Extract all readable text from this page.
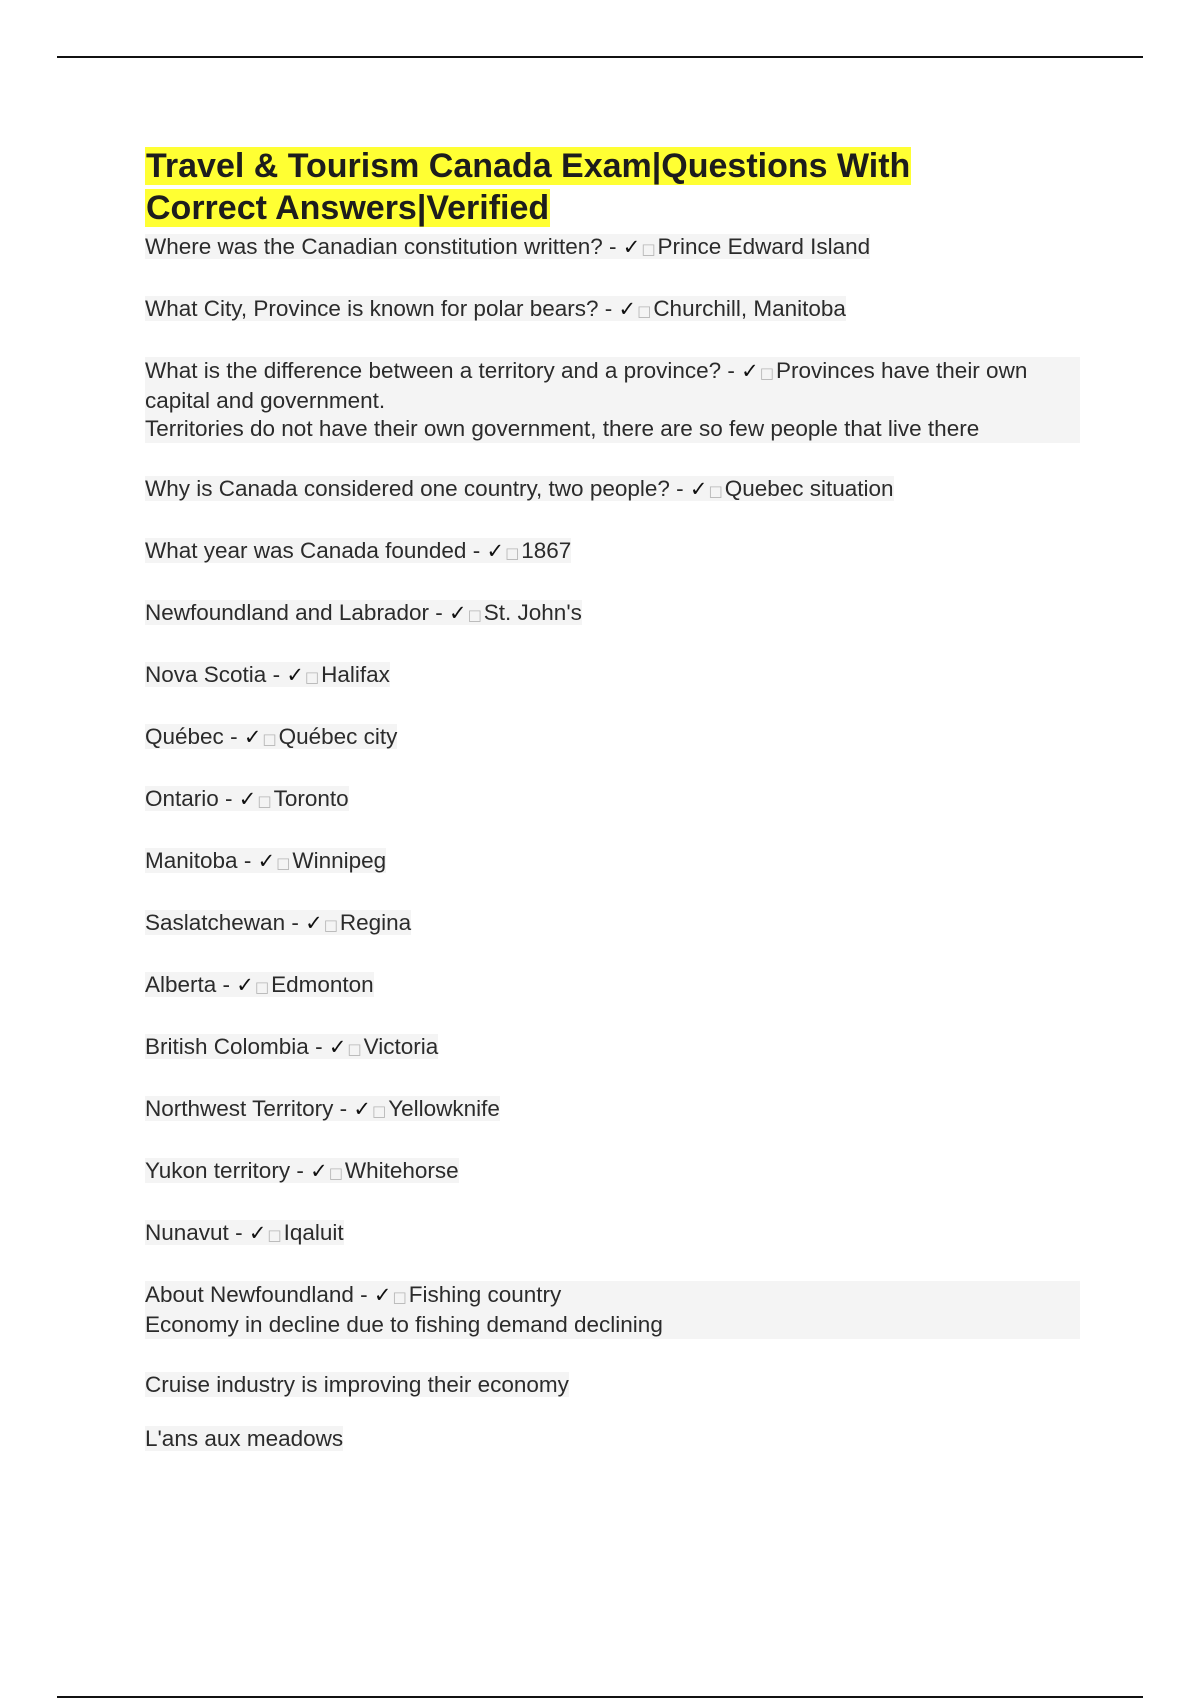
Travel & Tourism Canada Exam|Questions With
Correct Answers|Verified
Where was the Canadian constitution written? - ✓□Prince Edward Island
What City, Province is known for polar bears? - ✓□Churchill, Manitoba
What is the difference between a territory and a province? - ✓□Provinces have their own capital and government.
Territories do not have their own government, there are so few people that live there
Why is Canada considered one country, two people? - ✓□Quebec situation
What year was Canada founded - ✓□1867
Newfoundland and Labrador - ✓□St. John's
Nova Scotia - ✓□Halifax
Québec - ✓□Québec city
Ontario - ✓□Toronto
Manitoba - ✓□Winnipeg
Saslatchewan - ✓□Regina
Alberta - ✓□Edmonton
British Colombia - ✓□Victoria
Northwest Territory - ✓□Yellowknife
Yukon territory - ✓□Whitehorse
Nunavut - ✓□Iqaluit
About Newfoundland - ✓□Fishing country
Economy in decline due to fishing demand declining

Cruise industry is improving their economy

L'ans aux meadows
